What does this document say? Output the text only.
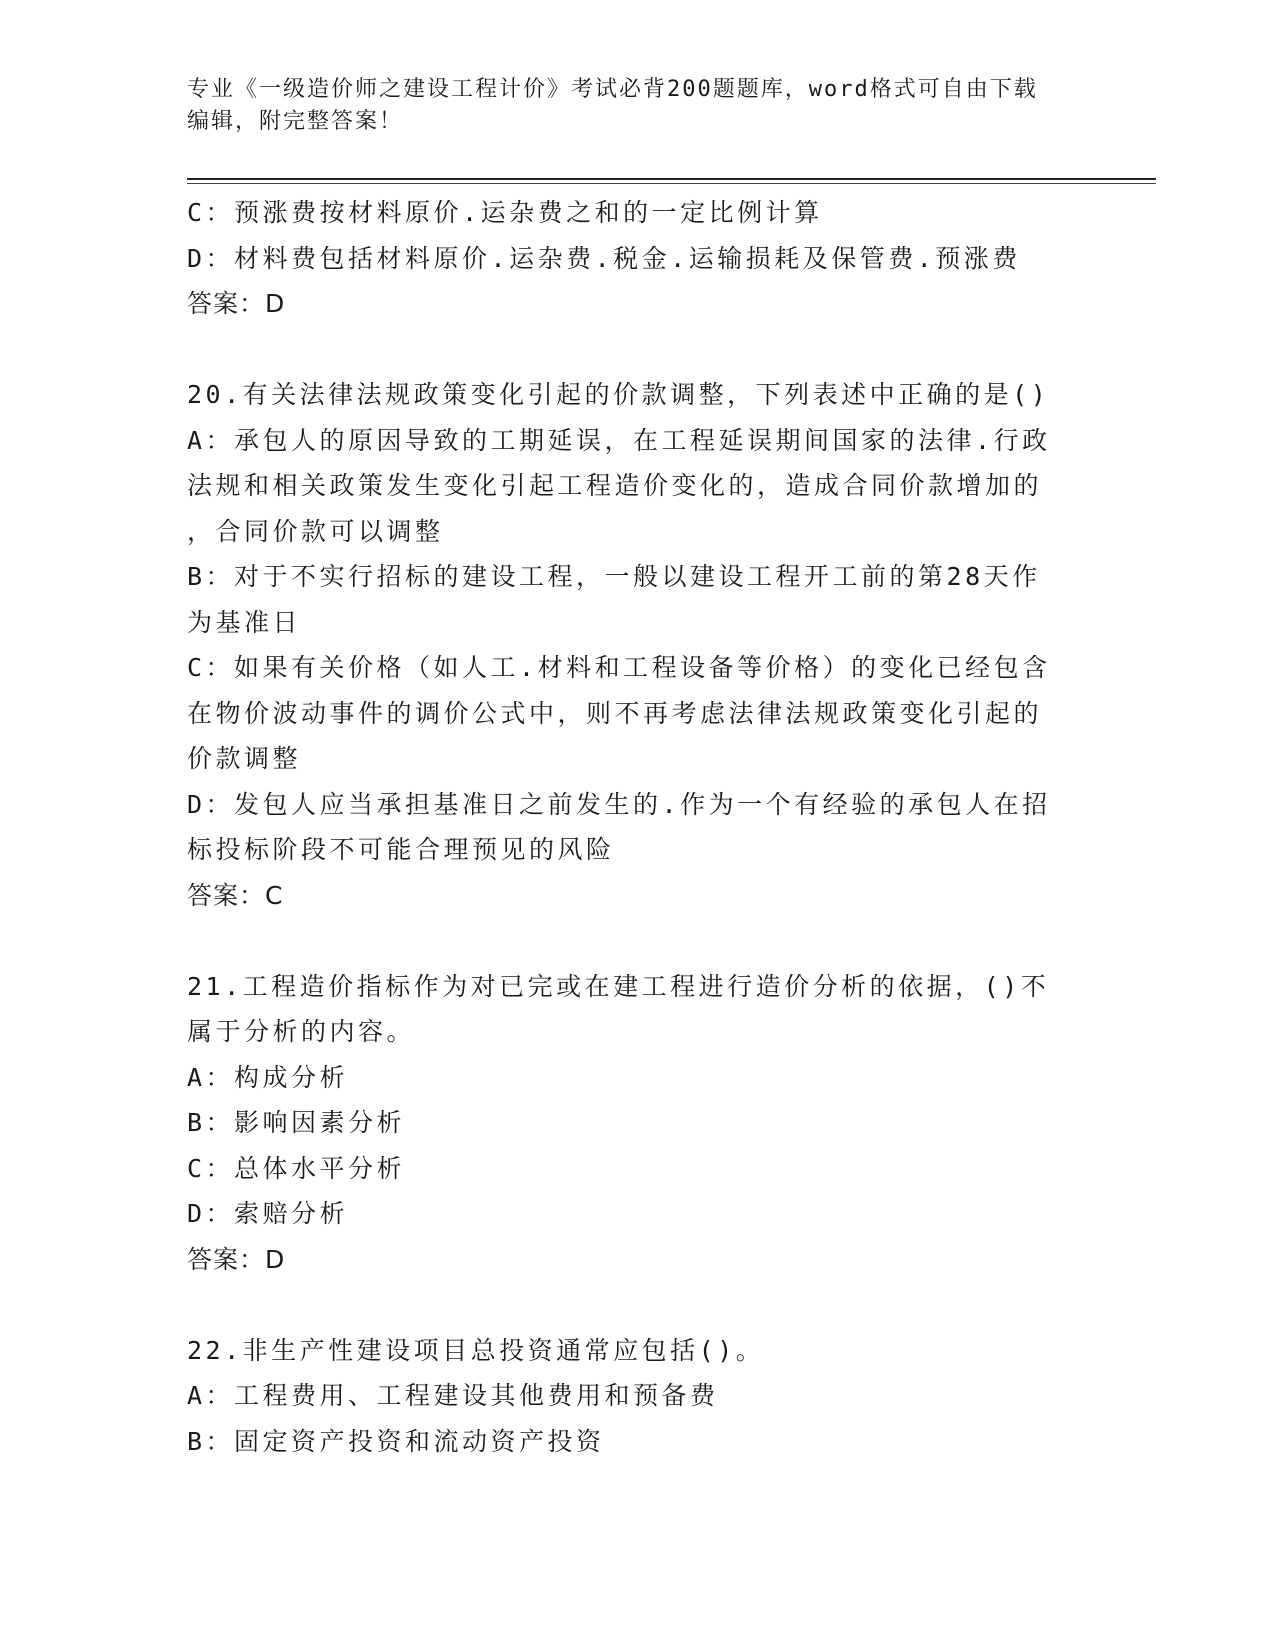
专业《一级造价师之建设工程计价》考试必背200题题库，word格式可自由下载
编辑，附完整答案！
C：预涨费按材料原价.运杂费之和的一定比例计算
D：材料费包括材料原价.运杂费.税金.运输损耗及保管费.预涨费
答案：D
20.有关法律法规政策变化引起的价款调整，下列表述中正确的是()
A：承包人的原因导致的工期延误，在工程延误期间国家的法律.行政
法规和相关政策发生变化引起工程造价变化的，造成合同价款增加的
，合同价款可以调整
B：对于不实行招标的建设工程，一般以建设工程开工前的第28天作
为基准日
C：如果有关价格（如人工.材料和工程设备等价格）的变化已经包含
在物价波动事件的调价公式中，则不再考虑法律法规政策变化引起的
价款调整
D：发包人应当承担基准日之前发生的.作为一个有经验的承包人在招
标投标阶段不可能合理预见的风险
答案：C
21.工程造价指标作为对已完或在建工程进行造价分析的依据，()不
属于分析的内容。
A：构成分析
B：影响因素分析
C：总体水平分析
D：索赔分析
答案：D
22.非生产性建设项目总投资通常应包括()。
A：工程费用、工程建设其他费用和预备费
B：固定资产投资和流动资产投资
